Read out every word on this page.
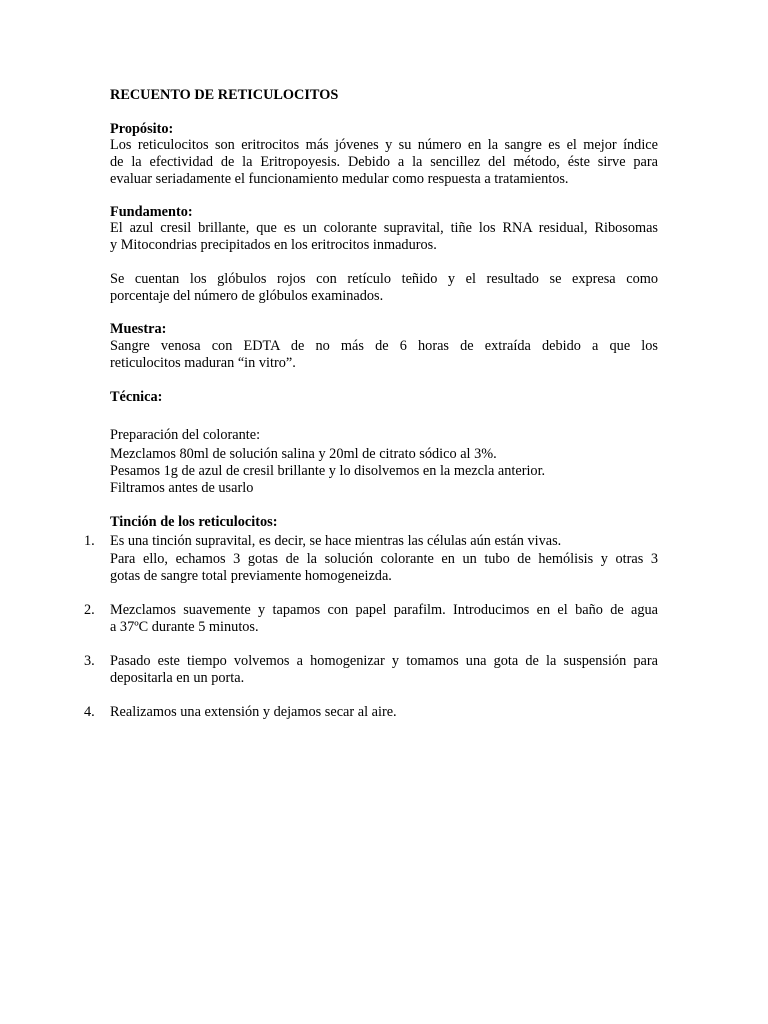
RECUENTO DE RETICULOCITOS
Propósito:
Los reticulocitos son eritrocitos más jóvenes y su número en la sangre es el mejor índice
de la efectividad de la Eritropoyesis. Debido a la sencillez del método, éste sirve para
evaluar seriadamente el funcionamiento medular como respuesta a tratamientos.
Fundamento:
El azul cresil brillante, que es un colorante supravital, tiñe los RNA residual, Ribosomas
y Mitocondrias precipitados en los eritrocitos inmaduros.
Se cuentan los glóbulos rojos con retículo teñido y el resultado se expresa como
porcentaje del número de glóbulos examinados.
Muestra:
Sangre venosa con EDTA de no más de 6 horas de extraída debido a que los
reticulocitos maduran “in vitro”.
Técnica:
Preparación del colorante:
Mezclamos 80ml de solución salina y 20ml de citrato sódico al 3%.
Pesamos 1g de azul de cresil brillante y lo disolvemos en la mezcla anterior.
Filtramos antes de usarlo
Tinción de los reticulocitos:
1.	Es una tinción supravital, es decir, se hace mientras las células aún están vivas.
Para ello, echamos 3 gotas de la solución colorante en un tubo de hemólisis y otras 3
gotas de sangre total previamente homogeneizda.
2.	Mezclamos suavemente y tapamos con papel parafilm. Introducimos en el baño de agua
a 37ºC durante 5 minutos.
3.	Pasado este tiempo volvemos a homogenizar y tomamos una gota de la suspensión para
depositarla en un porta.
4.	Realizamos una extensión y dejamos secar al aire.
